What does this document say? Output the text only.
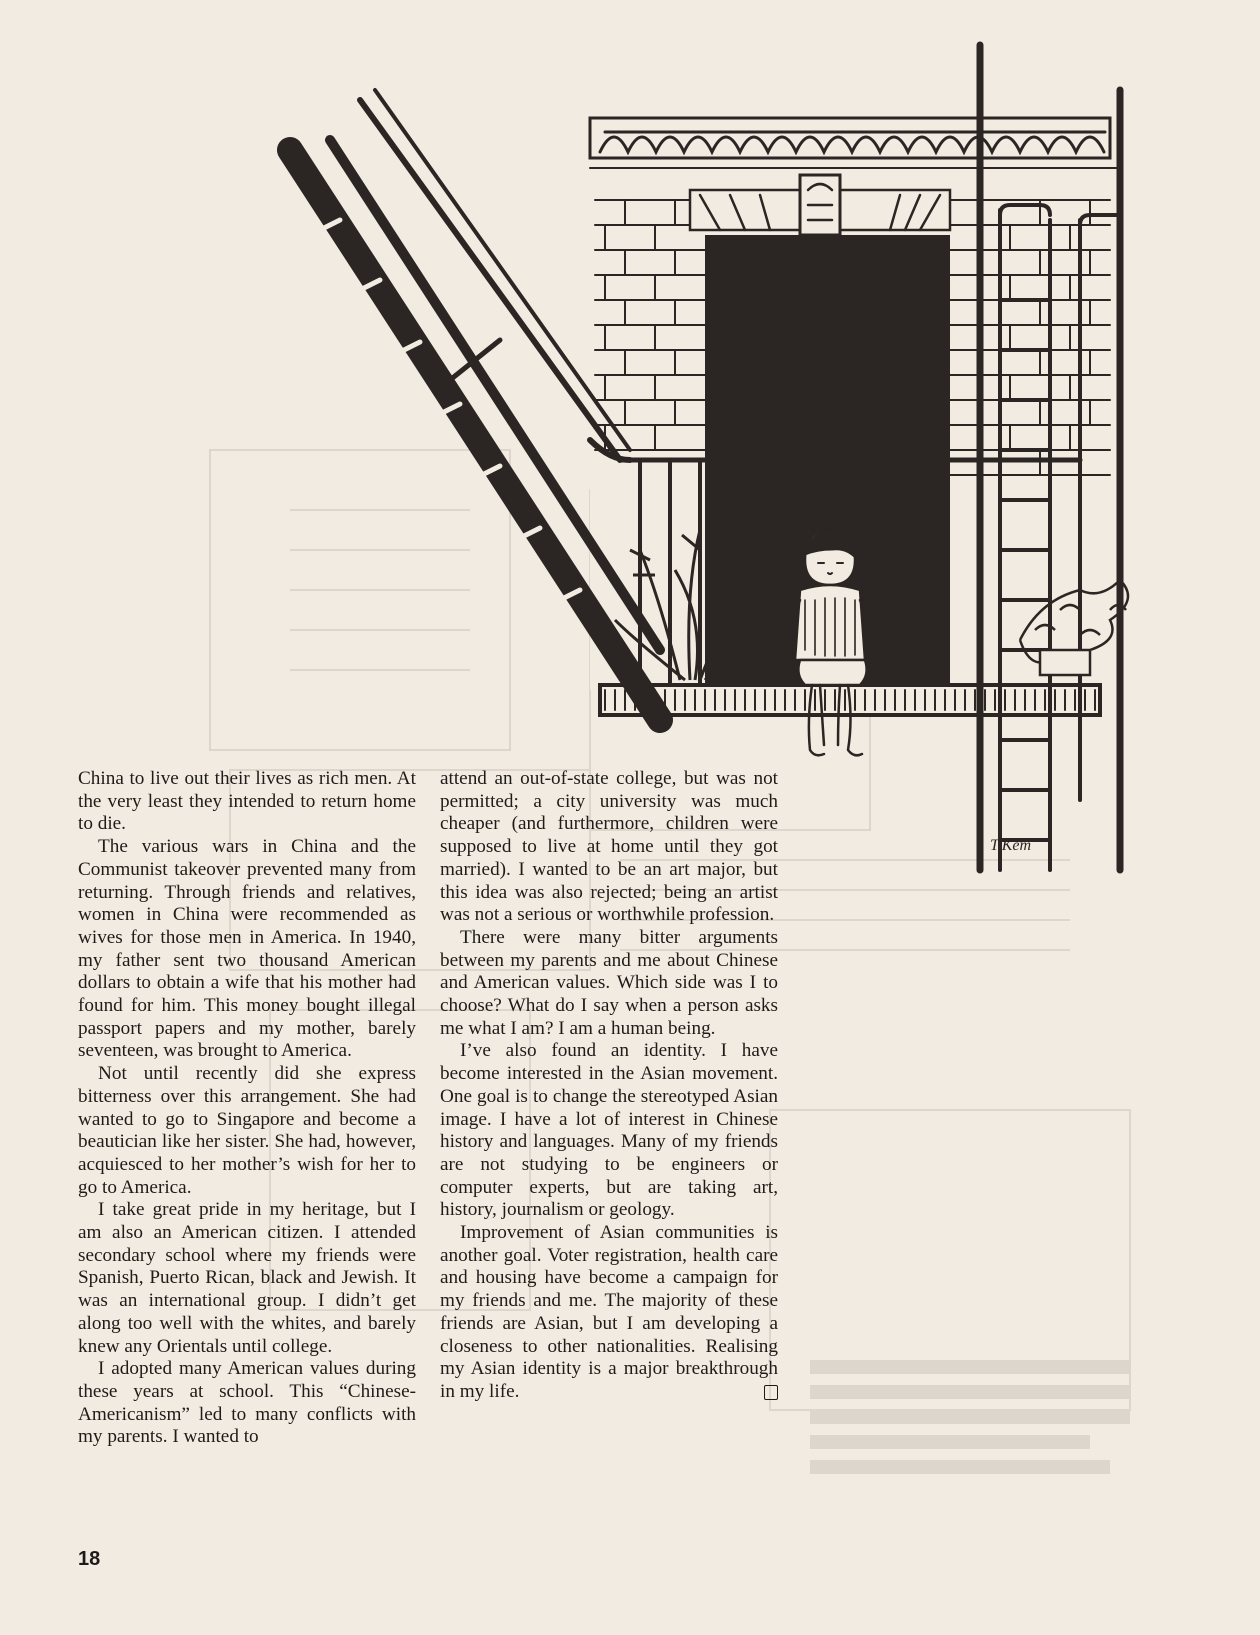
T.Kem

China to live out their lives as rich men. At the very least they intended to return home to die.

The various wars in China and the Communist takeover prevented many from returning. Through friends and relatives, women in China were recommended as wives for those men in America. In 1940, my father sent two thousand American dollars to obtain a wife that his mother had found for him. This money bought illegal passport papers and my mother, barely seventeen, was brought to America.

Not until recently did she express bitterness over this arrangement. She had wanted to go to Singapore and become a beautician like her sister. She had, however, acquiesced to her mother’s wish for her to go to America.

I take great pride in my heritage, but I am also an American citizen. I attended secondary school where my friends were Spanish, Puerto Rican, black and Jewish. It was an international group. I didn’t get along too well with the whites, and barely knew any Orientals until college.

I adopted many American values during these years at school. This “Chinese-Americanism” led to many conflicts with my parents. I wanted to

attend an out-of-state college, but was not permitted; a city university was much cheaper (and furthermore, children were supposed to live at home until they got married). I wanted to be an art major, but this idea was also rejected; being an artist was not a serious or worthwhile profession.

There were many bitter arguments between my parents and me about Chinese and American values. Which side was I to choose? What do I say when a person asks me what I am? I am a human being.

I’ve also found an identity. I have become interested in the Asian movement. One goal is to change the stereotyped Asian image. I have a lot of interest in Chinese history and languages. Many of my friends are not studying to be engineers or computer experts, but are taking art, history, journalism or geology.

Improvement of Asian communities is another goal. Voter registration, health care and housing have become a campaign for my friends and me. The majority of these friends are Asian, but I am developing a closeness to other nationalities. Realising my Asian identity is a major breakthrough in my life.

18
